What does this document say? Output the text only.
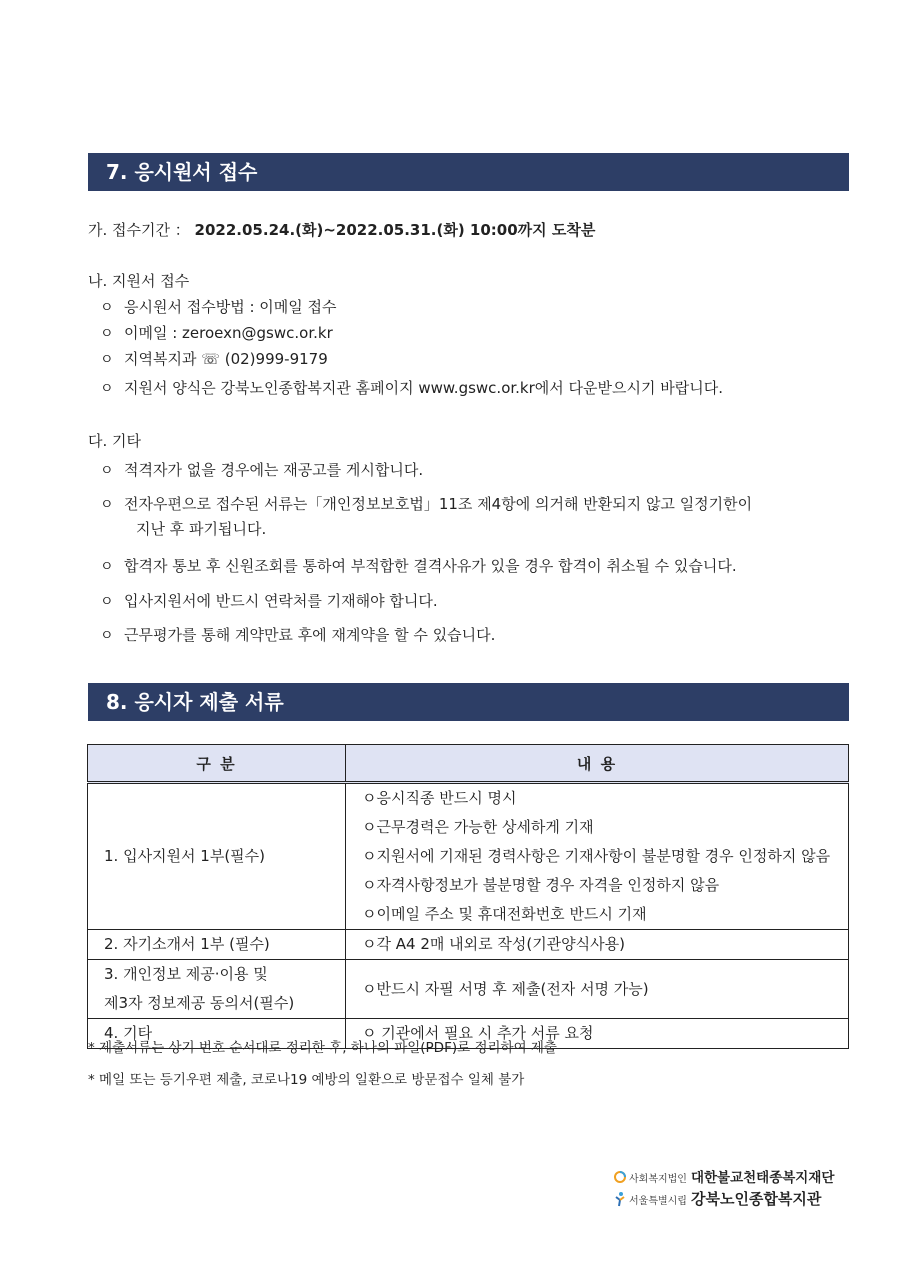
7. 응시원서 접수
가. 접수기간 ： 2022.05.24.(화)~2022.05.31.(화) 10:00까지 도착분
나. 지원서 접수
ㅇ 응시원서 접수방법 : 이메일 접수
ㅇ 이메일 : zeroexn@gswc.or.kr
ㅇ 지역복지과 ☏ (02)999-9179
ㅇ 지원서 양식은 강북노인종합복지관 홈페이지 www.gswc.or.kr에서 다운받으시기 바랍니다.
다. 기타
ㅇ 적격자가 없을 경우에는 재공고를 게시합니다.
ㅇ 전자우편으로 접수된 서류는「개인정보보호법」11조 제4항에 의거해 반환되지 않고 일정기한이
지난 후 파기됩니다.
ㅇ 합격자 통보 후 신원조회를 통하여 부적합한 결격사유가 있을 경우 합격이 취소될 수 있습니다.
ㅇ 입사지원서에 반드시 연락처를 기재해야 합니다.
ㅇ 근무평가를 통해 계약만료 후에 재계약을 할 수 있습니다.
8. 응시자 제출 서류
구 분	내 용

1. 입사지원서 1부(필수)	ㅇ응시직종 반드시 명시
ㅇ근무경력은 가능한 상세하게 기재
ㅇ지원서에 기재된 경력사항은 기재사항이 불분명할 경우 인정하지 않음
ㅇ자격사항정보가 불분명할 경우 자격을 인정하지 않음
ㅇ이메일 주소 및 휴대전화번호 반드시 기재

2. 자기소개서 1부 (필수)	ㅇ각 A4 2매 내외로 작성(기관양식사용)

3. 개인정보 제공·이용 및
제3자 정보제공 동의서(필수)	ㅇ반드시 자필 서명 후 제출(전자 서명 가능)

4. 기타	ㅇ 기관에서 필요 시 추가 서류 요청
* 제출서류는 상기 번호 순서대로 정리한 후, 하나의 파일(PDF)로 정리하여 제출
* 메일 또는 등기우편 제출, 코로나19 예방의 일환으로 방문접수 일체 불가
사회복지법인 대한불교천태종복지재단
서울특별시립 강북노인종합복지관
